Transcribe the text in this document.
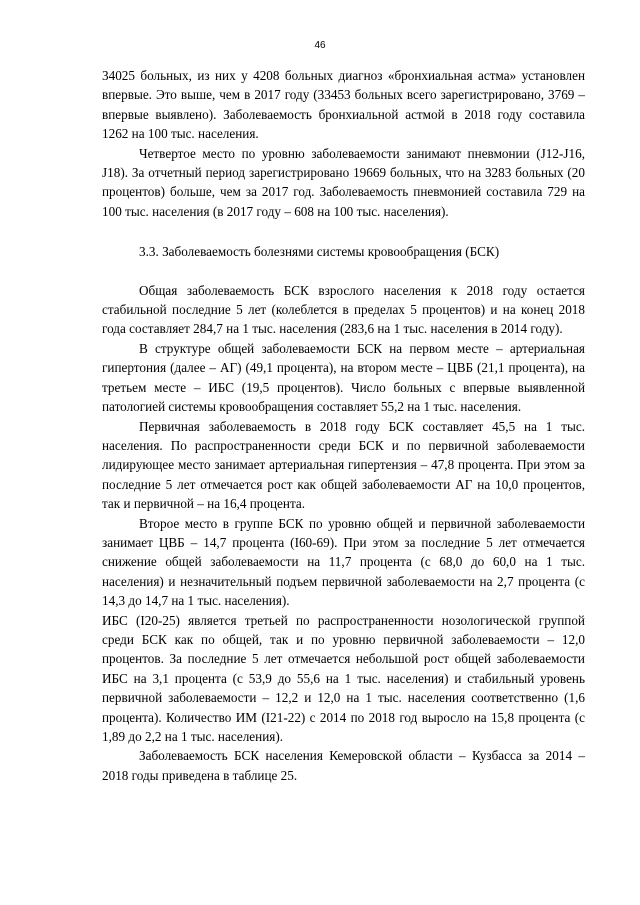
46

34025 больных, из них у 4208 больных диагноз «бронхиальная астма» установлен впервые. Это выше, чем в 2017 году (33453 больных всего зарегистрировано, 3769 – впервые выявлено). Заболеваемость бронхиальной астмой в 2018 году составила 1262 на 100 тыс. населения.

Четвертое место по уровню заболеваемости занимают пневмонии (J12-J16, J18). За отчетный период зарегистрировано 19669 больных, что на 3283 больных (20 процентов) больше, чем за 2017 год. Заболеваемость пневмонией составила 729 на 100 тыс. населения (в 2017 году – 608 на 100 тыс. населения).

3.3. Заболеваемость болезнями системы кровообращения (БСК)

Общая заболеваемость БСК взрослого населения к 2018 году остается стабильной последние 5 лет (колеблется в пределах 5 процентов) и на конец 2018 года составляет 284,7 на 1 тыс. населения (283,6 на 1 тыс. населения в 2014 году).

В структуре общей заболеваемости БСК на первом месте – артериальная гипертония (далее – АГ) (49,1 процента), на втором месте – ЦВБ (21,1 процента), на третьем месте – ИБС (19,5 процентов). Число больных с впервые выявленной патологией системы кровообращения составляет 55,2 на 1 тыс. населения.

Первичная заболеваемость в 2018 году БСК составляет 45,5 на 1 тыс. населения. По распространенности среди БСК и по первичной заболеваемости лидирующее место занимает артериальная гипертензия – 47,8 процента. При этом за последние 5 лет отмечается рост как общей заболеваемости АГ на 10,0 процентов, так и первичной – на 16,4 процента.

Второе место в группе БСК по уровню общей и первичной заболеваемости занимает ЦВБ – 14,7 процента (I60-69). При этом за последние 5 лет отмечается снижение общей заболеваемости на 11,7 процента (с 68,0 до 60,0 на 1 тыс. населения) и незначительный подъем первичной заболеваемости на 2,7 процента (с 14,3 до 14,7 на 1 тыс. населения).

ИБС (I20-25) является третьей по распространенности нозологической группой среди БСК как по общей, так и по уровню первичной заболеваемости – 12,0 процентов. За последние 5 лет отмечается небольшой рост общей заболеваемости ИБС на 3,1 процента (с 53,9 до 55,6 на 1 тыс. населения) и стабильный уровень первичной заболеваемости – 12,2 и 12,0 на 1 тыс. населения соответственно (1,6 процента). Количество ИМ (I21-22) с 2014 по 2018 год выросло на 15,8 процента (с 1,89 до 2,2 на 1 тыс. населения).

Заболеваемость БСК населения Кемеровской области – Кузбасса за 2014 – 2018 годы приведена в таблице 25.
